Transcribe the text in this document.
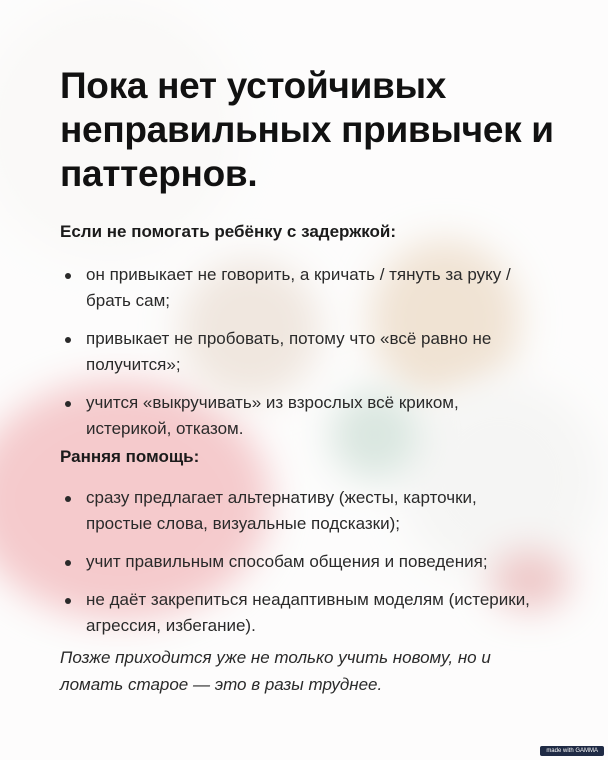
Пока нет устойчивых неправильных привычек и паттернов.

Если не помогать ребёнку с задержкой:

он привыкает не говорить, а кричать / тянуть за руку / брать сам;
привыкает не пробовать, потому что «всё равно не получится»;
учится «выкручивать» из взрослых всё криком, истерикой, отказом.

Ранняя помощь:

сразу предлагает альтернативу (жесты, карточки, простые слова, визуальные подсказки);
учит правильным способам общения и поведения;
не даёт закрепиться неадаптивным моделям (истерики, агрессия, избегание).

Позже приходится уже не только учить новому, но и ломать старое — это в разы труднее.

made with GAMMA
